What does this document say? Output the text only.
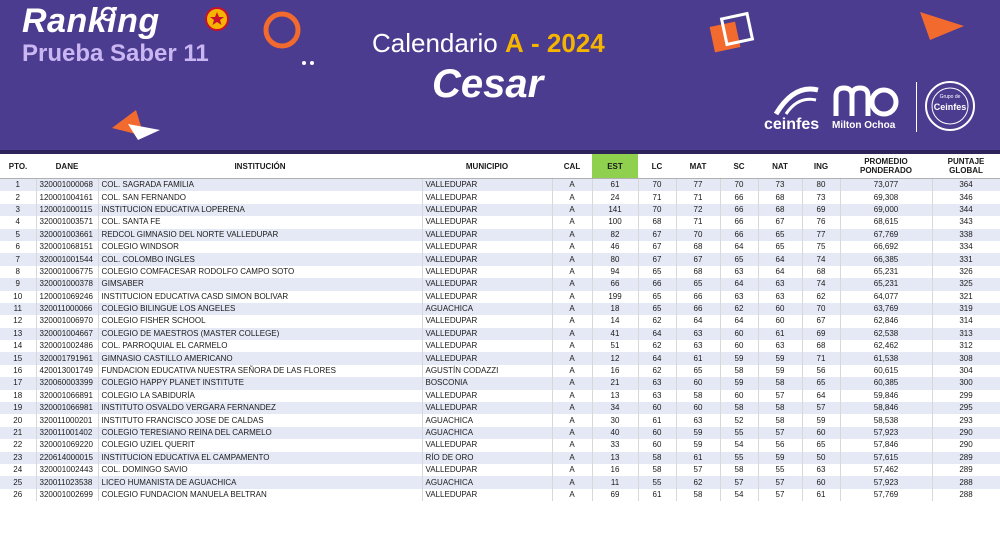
Ranking
Prueba Saber 11	Calendario A - 2024
Cesar
ceinfes Milton Ochoa
Grupo de
Ceinfes
PTO.	DANE	INSTITUCIÓN	MUNICIPIO	CAL	EST	LC	MAT	SC	NAT	ING	PROMEDIO PONDERADO	PUNTAJE GLOBAL
1	320001000068	COL. SAGRADA FAMILIA	VALLEDUPAR	A	61	70	77	70	73	80	73,077	364
2	120001004161	COL. SAN FERNANDO	VALLEDUPAR	A	24	71	71	66	68	73	69,308	346
3	120001000115	INSTITUCION EDUCATIVA LOPERENA	VALLEDUPAR	A	141	70	72	66	68	69	69,000	344
4	320001003571	COL. SANTA FE	VALLEDUPAR	A	100	68	71	66	67	76	68,615	343
5	320001003661	REDCOL GIMNASIO DEL NORTE VALLEDUPAR	VALLEDUPAR	A	82	67	70	66	65	77	67,769	338
6	320001068151	COLEGIO WINDSOR	VALLEDUPAR	A	46	67	68	64	65	75	66,692	334
7	320001001544	COL. COLOMBO INGLES	VALLEDUPAR	A	80	67	67	65	64	74	66,385	331
8	320001006775	COLEGIO COMFACESAR RODOLFO CAMPO SOTO	VALLEDUPAR	A	94	65	68	63	64	68	65,231	326
9	320001000378	GIMSABER	VALLEDUPAR	A	66	66	65	64	63	74	65,231	325
10	120001069246	INSTITUCION EDUCATIVA CASD SIMON BOLIVAR	VALLEDUPAR	A	199	65	66	63	63	62	64,077	321
11	320011000066	COLEGIO BILINGUE LOS ANGELES	AGUACHICA	A	18	65	66	62	60	70	63,769	319
12	320001006970	COLEGIO FISHER SCHOOL	VALLEDUPAR	A	14	62	64	64	60	67	62,846	314
13	320001004667	COLEGIO DE MAESTROS (MASTER COLLEGE)	VALLEDUPAR	A	41	64	63	60	61	69	62,538	313
14	320001002486	COL. PARROQUIAL EL CARMELO	VALLEDUPAR	A	51	62	63	60	63	68	62,462	312
15	320001791961	GIMNASIO CASTILLO AMERICANO	VALLEDUPAR	A	12	64	61	59	59	71	61,538	308
16	420013001749	FUNDACION EDUCATIVA NUESTRA SEÑORA DE LAS FLORES	AGUSTÍN CODAZZI	A	16	62	65	58	59	56	60,615	304
17	320060003399	COLEGIO HAPPY PLANET INSTITUTE	BOSCONIA	A	21	63	60	59	58	65	60,385	300
18	320001066891	COLEGIO LA SABIDURÍA	VALLEDUPAR	A	13	63	58	60	57	64	59,846	299
19	320001066981	INSTITUTO OSVALDO VERGARA FERNANDEZ	VALLEDUPAR	A	34	60	60	58	58	57	58,846	295
20	320011000201	INSTITUTO FRANCISCO JOSE DE CALDAS	AGUACHICA	A	30	61	63	52	58	59	58,538	293
21	320011001402	COLEGIO TERESIANO REINA DEL CARMELO	AGUACHICA	A	40	60	59	55	57	60	57,923	290
22	320001069220	COLEGIO UZIEL QUERIT	VALLEDUPAR	A	33	60	59	54	56	65	57,846	290
23	220614000015	INSTITUCION EDUCATIVA EL CAMPAMENTO	RÍO DE ORO	A	13	58	61	55	59	50	57,615	289
24	320001002443	COL. DOMINGO SAVIO	VALLEDUPAR	A	16	58	57	58	55	63	57,462	289
25	320011023538	LICEO HUMANISTA DE AGUACHICA	AGUACHICA	A	11	55	62	57	57	60	57,923	288
26	320001002699	COLEGIO FUNDACION MANUELA BELTRAN	VALLEDUPAR	A	69	61	58	54	57	61	57,769	288
